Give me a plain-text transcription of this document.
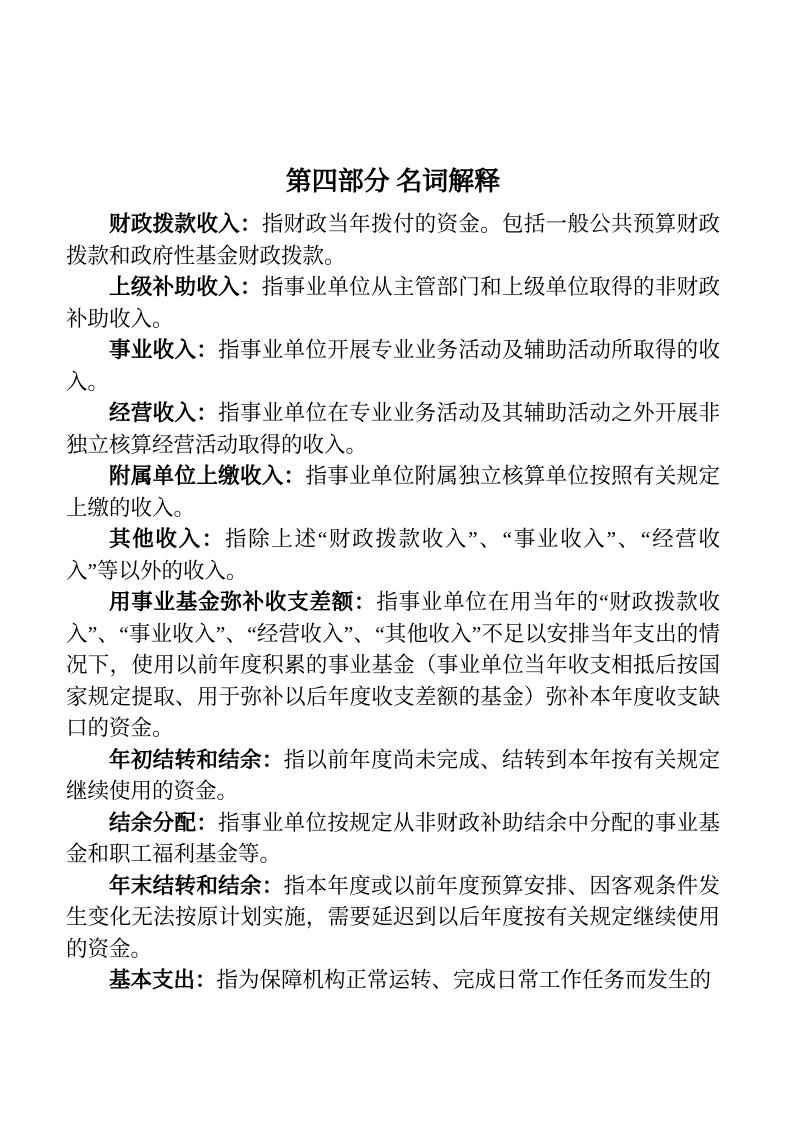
第四部分 名词解释

财政拨款收入：指财政当年拨付的资金。包括一般公共预算财政拨款和政府性基金财政拨款。

上级补助收入：指事业单位从主管部门和上级单位取得的非财政补助收入。

事业收入：指事业单位开展专业业务活动及辅助活动所取得的收入。

经营收入：指事业单位在专业业务活动及其辅助活动之外开展非独立核算经营活动取得的收入。

附属单位上缴收入：指事业单位附属独立核算单位按照有关规定上缴的收入。

其他收入：指除上述“财政拨款收入”、“事业收入”、“经营收入”等以外的收入。

用事业基金弥补收支差额：指事业单位在用当年的“财政拨款收入”、“事业收入”、“经营收入”、“其他收入”不足以安排当年支出的情况下，使用以前年度积累的事业基金（事业单位当年收支相抵后按国家规定提取、用于弥补以后年度收支差额的基金）弥补本年度收支缺口的资金。

年初结转和结余：指以前年度尚未完成、结转到本年按有关规定继续使用的资金。

结余分配：指事业单位按规定从非财政补助结余中分配的事业基金和职工福利基金等。

年末结转和结余：指本年度或以前年度预算安排、因客观条件发生变化无法按原计划实施，需要延迟到以后年度按有关规定继续使用的资金。

基本支出：指为保障机构正常运转、完成日常工作任务而发生的
